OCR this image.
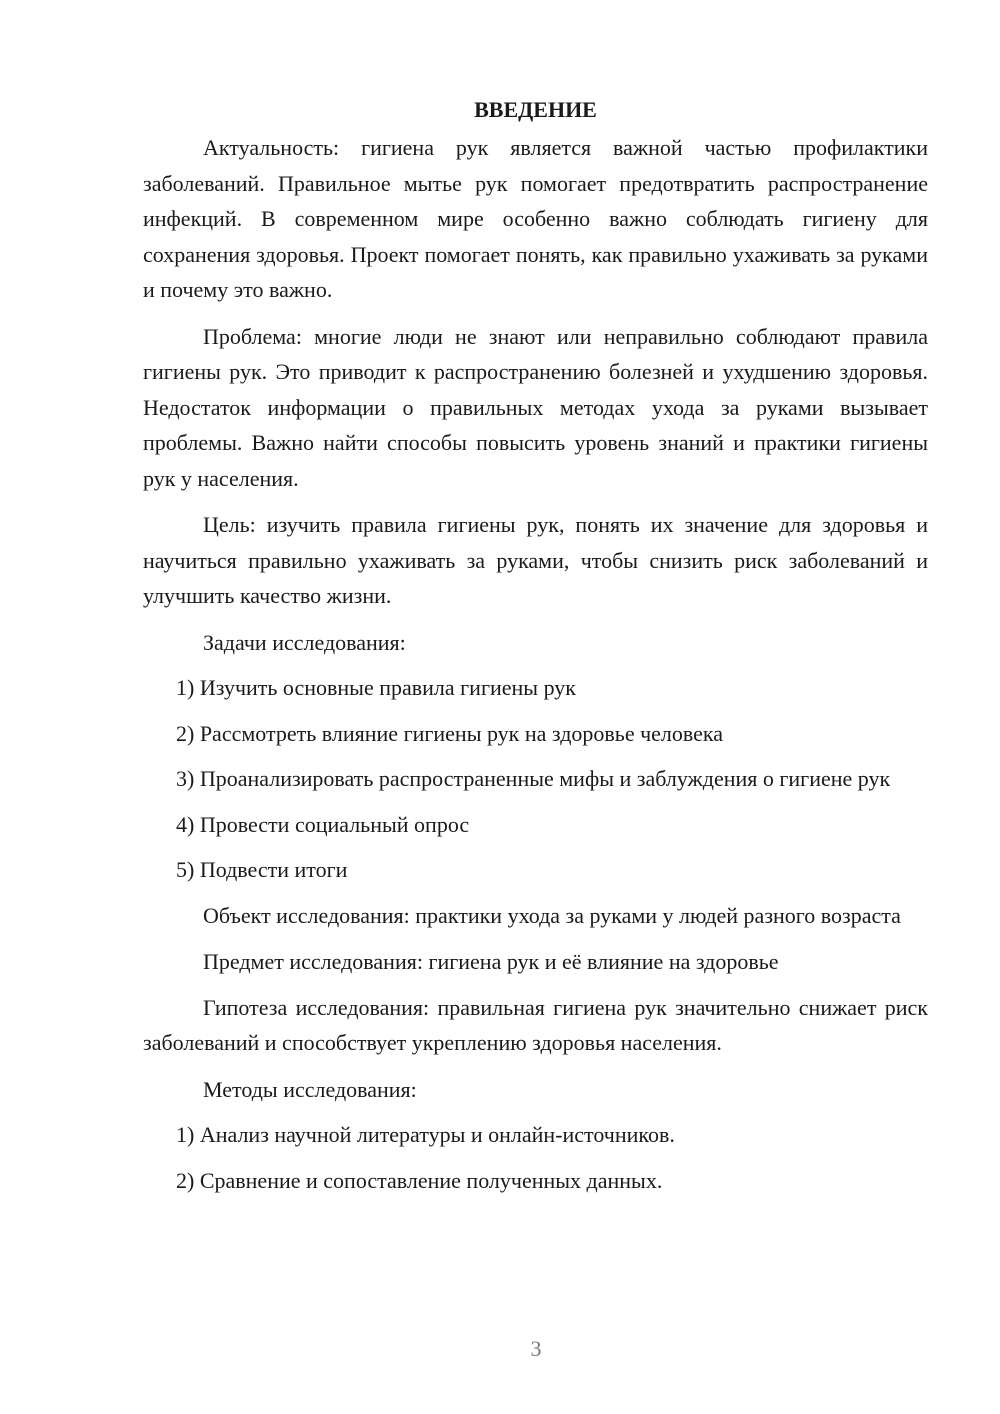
ВВЕДЕНИЕ

Актуальность: гигиена рук является важной частью профилактики заболеваний. Правильное мытье рук помогает предотвратить распространение инфекций. В современном мире особенно важно соблюдать гигиену для сохранения здоровья. Проект помогает понять, как правильно ухаживать за руками и почему это важно.

Проблема: многие люди не знают или неправильно соблюдают правила гигиены рук. Это приводит к распространению болезней и ухудшению здоровья. Недостаток информации о правильных методах ухода за руками вызывает проблемы. Важно найти способы повысить уровень знаний и практики гигиены рук у населения.

Цель: изучить правила гигиены рук, понять их значение для здоровья и научиться правильно ухаживать за руками, чтобы снизить риск заболеваний и улучшить качество жизни.

Задачи исследования:

1) Изучить основные правила гигиены рук

2) Рассмотреть влияние гигиены рук на здоровье человека

3) Проанализировать распространенные мифы и заблуждения о гигиене рук

4) Провести социальный опрос

5) Подвести итоги

Объект исследования: практики ухода за руками у людей разного возраста

Предмет исследования: гигиена рук и её влияние на здоровье

Гипотеза исследования: правильная гигиена рук значительно снижает риск заболеваний и способствует укреплению здоровья населения.

Методы исследования:

1) Анализ научной литературы и онлайн-источников.

2) Сравнение и сопоставление полученных данных.

3
